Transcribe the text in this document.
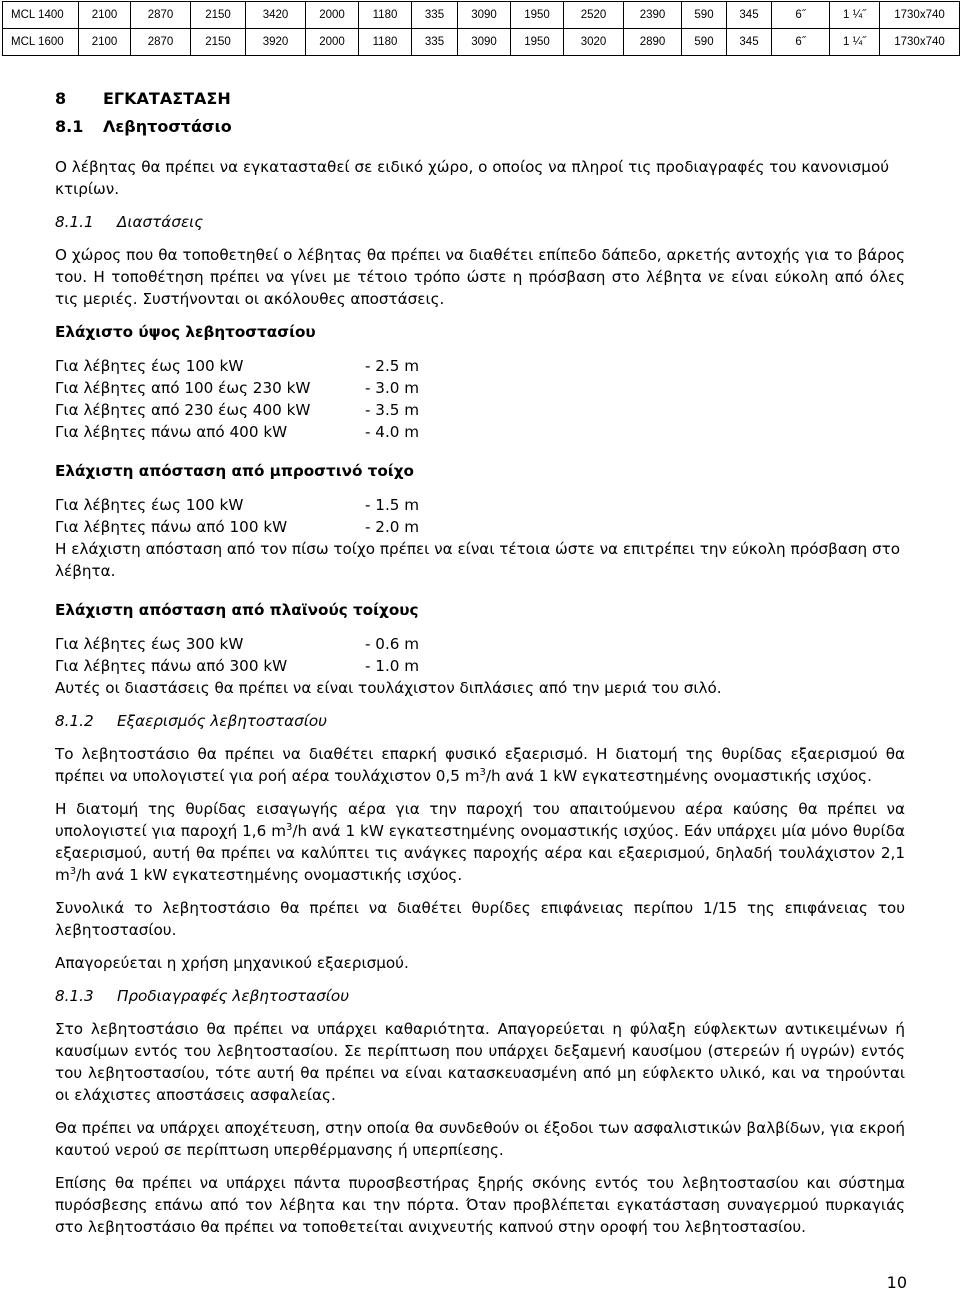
MCL 1400	2100	2870	2150	3420	2000	1180	335	3090	1950	2520	2390	590	345	6˝	1 ¼˝	1730x740
MCL 1600	2100	2870	2150	3920	2000	1180	335	3090	1950	3020	2890	590	345	6˝	1 ¼˝	1730x740
8 ΕΓΚΑΤΑΣΤΑΣΗ
8.1 Λεβητοστάσιο

Ο λέβητας θα πρέπει να εγκατασταθεί σε ειδικό χώρο, ο οποίος να πληροί τις προδιαγραφές του κανονισμού κτιρίων.

8.1.1 Διαστάσεις

Ο χώρος που θα τοποθετηθεί ο λέβητας θα πρέπει να διαθέτει επίπεδο δάπεδο, αρκετής αντοχής για το βάρος του. Η τοποθέτηση πρέπει να γίνει με τέτοιο τρόπο ώστε η πρόσβαση στο λέβητα νε είναι εύκολη από όλες τις μεριές. Συστήνονται οι ακόλουθες αποστάσεις.

Ελάχιστο ύψος λεβητοστασίου
Για λέβητες έως 100 kW	- 2.5 m
Για λέβητες από 100 έως 230 kW	- 3.0 m
Για λέβητες από 230 έως 400 kW	- 3.5 m
Για λέβητες πάνω από 400 kW	- 4.0 m
Ελάχιστη απόσταση από μπροστινό τοίχο
Για λέβητες έως 100 kW	- 1.5 m
Για λέβητες πάνω από 100 kW	- 2.0 m

Η ελάχιστη απόσταση από τον πίσω τοίχο πρέπει να είναι τέτοια ώστε να επιτρέπει την εύκολη πρόσβαση στο λέβητα.

Ελάχιστη απόσταση από πλαϊνούς τοίχους
Για λέβητες έως 300 kW	- 0.6 m
Για λέβητες πάνω από 300 kW	- 1.0 m

Αυτές οι διαστάσεις θα πρέπει να είναι τουλάχιστον διπλάσιες από την μεριά του σιλό.

8.1.2 Εξαερισμός λεβητοστασίου

Το λεβητοστάσιο θα πρέπει να διαθέτει επαρκή φυσικό εξαερισμό. Η διατομή της θυρίδας εξαερισμού θα πρέπει να υπολογιστεί για ροή αέρα τουλάχιστον 0,5 $m^3/h$ ανά 1 kW εγκατεστημένης ονομαστικής ισχύος.

Η διατομή της θυρίδας εισαγωγής αέρα για την παροχή του απαιτούμενου αέρα καύσης θα πρέπει να υπολογιστεί για παροχή 1,6 $m^3/h$ ανά 1 kW εγκατεστημένης ονομαστικής ισχύος. Εάν υπάρχει μία μόνο θυρίδα εξαερισμού, αυτή θα πρέπει να καλύπτει τις ανάγκες παροχής αέρα και εξαερισμού, δηλαδή τουλάχιστον 2,1 $m^3/h$ ανά 1 kW εγκατεστημένης ονομαστικής ισχύος.

Συνολικά το λεβητοστάσιο θα πρέπει να διαθέτει θυρίδες επιφάνειας περίπου 1/15 της επιφάνειας του λεβητοστασίου.

Απαγορεύεται η χρήση μηχανικού εξαερισμού.

8.1.3 Προδιαγραφές λεβητοστασίου

Στο λεβητοστάσιο θα πρέπει να υπάρχει καθαριότητα. Απαγορεύεται η φύλαξη εύφλεκτων αντικειμένων ή καυσίμων εντός του λεβητοστασίου. Σε περίπτωση που υπάρχει δεξαμενή καυσίμου (στερεών ή υγρών) εντός του λεβητοστασίου, τότε αυτή θα πρέπει να είναι κατασκευασμένη από μη εύφλεκτο υλικό, και να τηρούνται οι ελάχιστες αποστάσεις ασφαλείας.

Θα πρέπει να υπάρχει αποχέτευση, στην οποία θα συνδεθούν οι έξοδοι των ασφαλιστικών βαλβίδων, για εκροή καυτού νερού σε περίπτωση υπερθέρμανσης ή υπερπίεσης.

Επίσης θα πρέπει να υπάρχει πάντα πυροσβεστήρας ξηρής σκόνης εντός του λεβητοστασίου και σύστημα πυρόσβεσης επάνω από τον λέβητα και την πόρτα. Όταν προβλέπεται εγκατάσταση συναγερμού πυρκαγιάς στο λεβητοστάσιο θα πρέπει να τοποθετείται ανιχνευτής καπνού στην οροφή του λεβητοστασίου.

10
